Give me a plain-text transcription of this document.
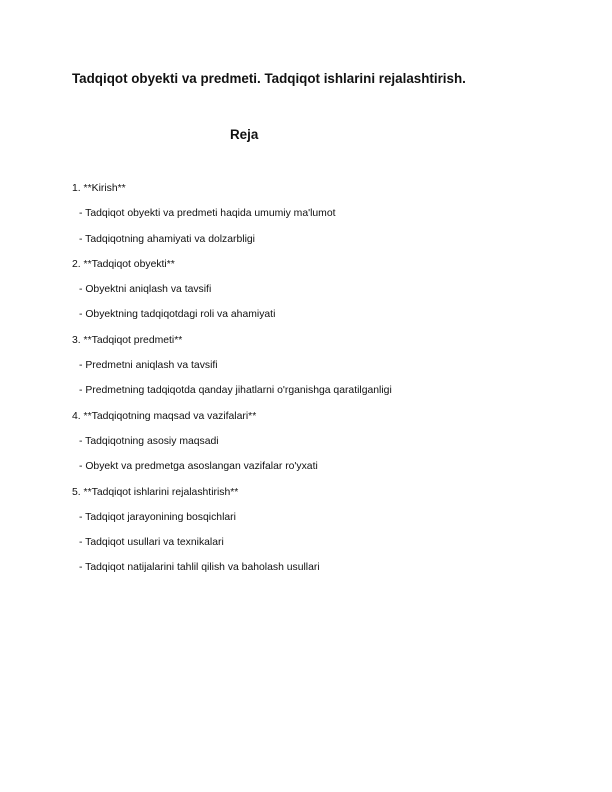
Tadqiqot obyekti va predmeti. Tadqiqot ishlarini rejalashtirish.
Reja
1. **Kirish**
- Tadqiqot obyekti va predmeti haqida umumiy ma'lumot
- Tadqiqotning ahamiyati va dolzarbligi
2. **Tadqiqot obyekti**
- Obyektni aniqlash va tavsifi
- Obyektning tadqiqotdagi roli va ahamiyati
3. **Tadqiqot predmeti**
- Predmetni aniqlash va tavsifi
- Predmetning tadqiqotda qanday jihatlarni o'rganishga qaratilganligi
4. **Tadqiqotning maqsad va vazifalari**
- Tadqiqotning asosiy maqsadi
- Obyekt va predmetga asoslangan vazifalar ro'yxati
5. **Tadqiqot ishlarini rejalashtirish**
- Tadqiqot jarayonining bosqichlari
- Tadqiqot usullari va texnikalari
- Tadqiqot natijalarini tahlil qilish va baholash usullari
